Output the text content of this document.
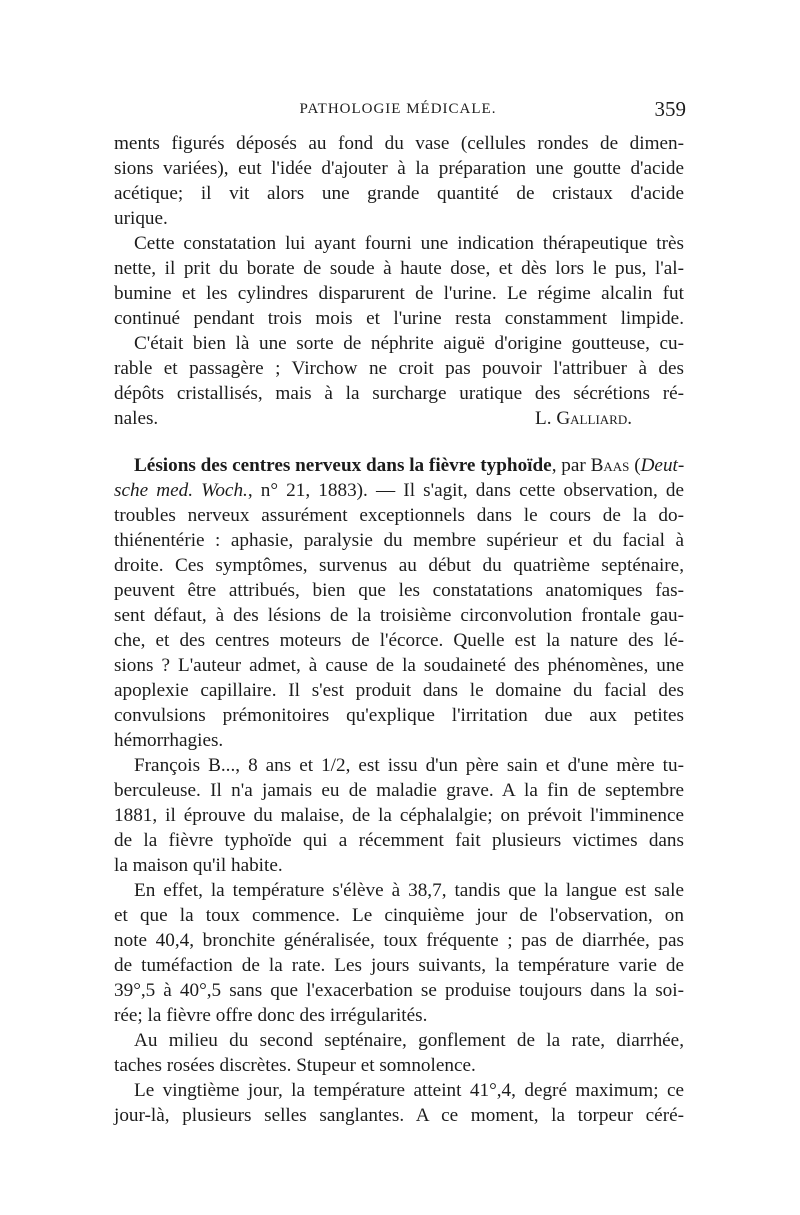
PATHOLOGIE MÉDICALE.	359
ments figurés déposés au fond du vase (cellules rondes de dimen-
sions variées), eut l'idée d'ajouter à la préparation une goutte d'acide
acétique; il vit alors une grande quantité de cristaux d'acide
urique.
Cette constatation lui ayant fourni une indication thérapeutique très
nette, il prit du borate de soude à haute dose, et dès lors le pus, l'al-
bumine et les cylindres disparurent de l'urine. Le régime alcalin fut
continué pendant trois mois et l'urine resta constamment limpide.
C'était bien là une sorte de néphrite aiguë d'origine goutteuse, cu-
rable et passagère ; Virchow ne croit pas pouvoir l'attribuer à des
dépôts cristallisés, mais à la surcharge uratique des sécrétions ré-
nales.	L. Galliard.
Lésions des centres nerveux dans la fièvre typhoïde, par Baas (Deut-
sche med. Woch., n° 21, 1883). — Il s'agit, dans cette observation, de
troubles nerveux assurément exceptionnels dans le cours de la do-
thiénentérie : aphasie, paralysie du membre supérieur et du facial à
droite. Ces symptômes, survenus au début du quatrième septénaire,
peuvent être attribués, bien que les constatations anatomiques fas-
sent défaut, à des lésions de la troisième circonvolution frontale gau-
che, et des centres moteurs de l'écorce. Quelle est la nature des lé-
sions ? L'auteur admet, à cause de la soudaineté des phénomènes, une
apoplexie capillaire. Il s'est produit dans le domaine du facial des
convulsions prémonitoires qu'explique l'irritation due aux petites
hémorrhagies.
François B..., 8 ans et 1/2, est issu d'un père sain et d'une mère tu-
berculeuse. Il n'a jamais eu de maladie grave. A la fin de septembre
1881, il éprouve du malaise, de la céphalalgie; on prévoit l'imminence
de la fièvre typhoïde qui a récemment fait plusieurs victimes dans
la maison qu'il habite.
En effet, la température s'élève à 38,7, tandis que la langue est sale
et que la toux commence. Le cinquième jour de l'observation, on
note 40,4, bronchite généralisée, toux fréquente ; pas de diarrhée, pas
de tuméfaction de la rate. Les jours suivants, la température varie de
39°,5 à 40°,5 sans que l'exacerbation se produise toujours dans la soi-
rée; la fièvre offre donc des irrégularités.
Au milieu du second septénaire, gonflement de la rate, diarrhée,
taches rosées discrètes. Stupeur et somnolence.
Le vingtième jour, la température atteint 41°,4, degré maximum; ce
jour-là, plusieurs selles sanglantes. A ce moment, la torpeur céré-
